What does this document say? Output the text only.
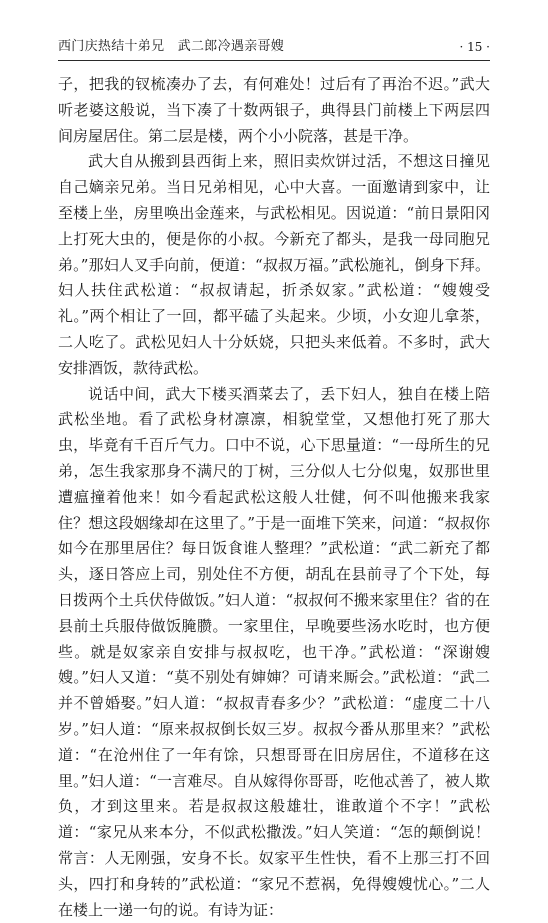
西门庆热结十弟兄　武二郎冷遇亲哥嫂	· 15 ·

子，把我的钗梳凑办了去，有何难处！过后有了再治不迟。”武大听老婆这般说，当下凑了十数两银子，典得县门前楼上下两层四间房屋居住。第二层是楼，两个小小院落，甚是干净。

武大自从搬到县西街上来，照旧卖炊饼过活，不想这日撞见自己嫡亲兄弟。当日兄弟相见，心中大喜。一面邀请到家中，让至楼上坐，房里唤出金莲来，与武松相见。因说道：“前日景阳冈上打死大虫的，便是你的小叔。今新充了都头，是我一母同胞兄弟。”那妇人叉手向前，便道：“叔叔万福。”武松施礼，倒身下拜。妇人扶住武松道：“叔叔请起，折杀奴家。”武松道：“嫂嫂受礼。”两个相让了一回，都平磕了头起来。少顷，小女迎儿拿茶，二人吃了。武松见妇人十分妖娆，只把头来低着。不多时，武大安排酒饭，款待武松。

说话中间，武大下楼买酒菜去了，丢下妇人，独自在楼上陪武松坐地。看了武松身材凛凛，相貌堂堂，又想他打死了那大虫，毕竟有千百斤气力。口中不说，心下思量道：“一母所生的兄弟，怎生我家那身不满尺的丁树，三分似人七分似鬼，奴那世里遭瘟撞着他来！如今看起武松这般人壮健，何不叫他搬来我家住？想这段姻缘却在这里了。”于是一面堆下笑来，问道：“叔叔你如今在那里居住？每日饭食谁人整理？”武松道：“武二新充了都头，逐日答应上司，别处住不方便，胡乱在县前寻了个下处，每日拨两个土兵伏侍做饭。”妇人道：“叔叔何不搬来家里住？省的在县前土兵服侍做饭腌臜。一家里住，早晚要些汤水吃时，也方便些。就是奴家亲自安排与叔叔吃，也干净。”武松道：“深谢嫂嫂。”妇人又道：“莫不别处有婶婶？可请来厮会。”武松道：“武二并不曾婚娶。”妇人道：“叔叔青春多少？”武松道：“虚度二十八岁。”妇人道：“原来叔叔倒长奴三岁。叔叔今番从那里来？”武松道：“在沧州住了一年有馀，只想哥哥在旧房居住，不道移在这里。”妇人道：“一言难尽。自从嫁得你哥哥，吃他忒善了，被人欺负，才到这里来。若是叔叔这般雄壮，谁敢道个不字！”武松道：“家兄从来本分，不似武松撒泼。”妇人笑道：“怎的颠倒说！常言：人无刚强，安身不长。奴家平生性快，看不上那三打不回头，四打和身转的”武松道：“家兄不惹祸，免得嫂嫂忧心。”二人在楼上一递一句的说。有诗为证：
